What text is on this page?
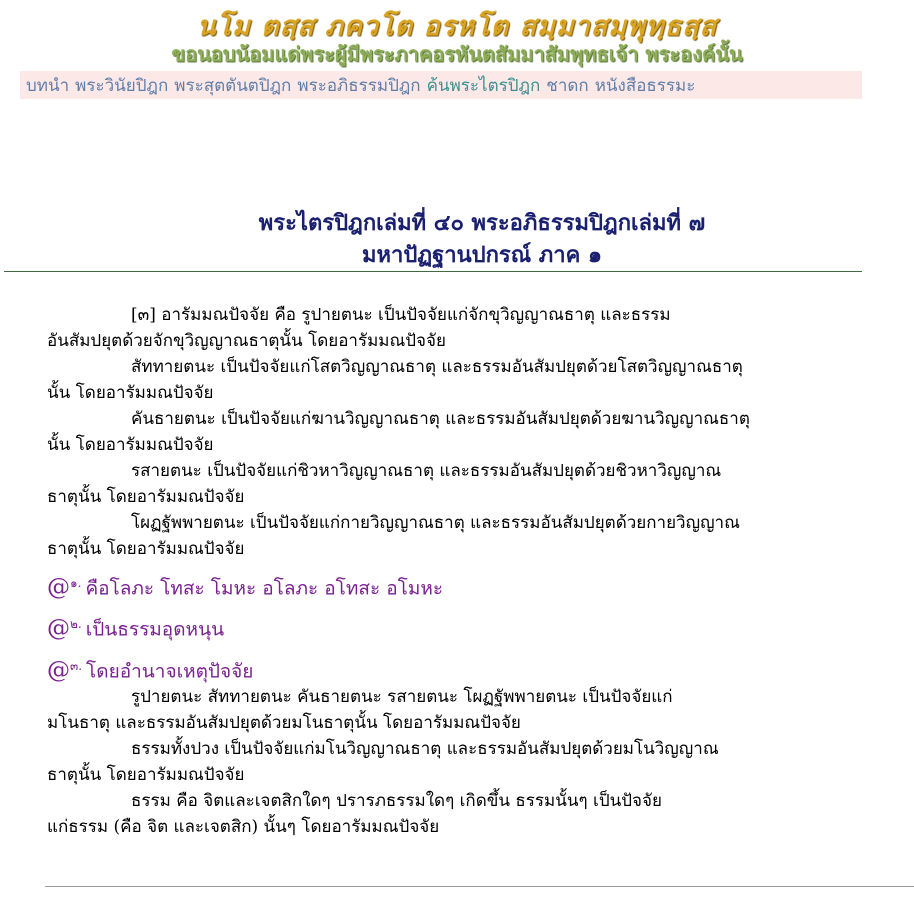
นโม ตสฺส ภควโต อรหโต สมฺมาสมฺพุทฺธสฺส
ขอนอบน้อมแด่พระผู้มีพระภาคอรหันตสัมมาสัมพุทธเจ้า พระองค์นั้น
บทนำ พระวินัยปิฎก พระสุตตันตปิฎก พระอภิธรรมปิฎก ค้นพระไตรปิฎก ชาดก หนังสือธรรมะ
พระไตรปิฎกเล่มที่ ๔๐ พระอภิธรรมปิฎกเล่มที่ ๗
มหาปัฏฐานปกรณ์ ภาค ๑

[๓] อารัมมณปัจจัย คือ รูปายตนะ เป็นปัจจัยแก่จักขุวิญญาณธาตุ และธรรม

อันสัมปยุตด้วยจักขุวิญญาณธาตุนั้น โดยอารัมมณปัจจัย

สัททายตนะ เป็นปัจจัยแก่โสตวิญญาณธาตุ และธรรมอันสัมปยุตด้วยโสตวิญญาณธาตุ

นั้น โดยอารัมมณปัจจัย

คันธายตนะ เป็นปัจจัยแก่ฆานวิญญาณธาตุ และธรรมอันสัมปยุตด้วยฆานวิญญาณธาตุ

นั้น โดยอารัมมณปัจจัย

รสายตนะ เป็นปัจจัยแก่ชิวหาวิญญาณธาตุ และธรรมอันสัมปยุตด้วยชิวหาวิญญาณ

ธาตุนั้น โดยอารัมมณปัจจัย

โผฏฐัพพายตนะ เป็นปัจจัยแก่กายวิญญาณธาตุ และธรรมอันสัมปยุตด้วยกายวิญญาณ

ธาตุนั้น โดยอารัมมณปัจจัย

@$^{๑.}$ คือโลภะ โทสะ โมหะ อโลภะ อโทสะ อโมหะ
@$^{๒.}$ เป็นธรรมอุดหนุน
@$^{๓.}$ โดยอำนาจเหตุปัจจัย

รูปายตนะ สัททายตนะ คันธายตนะ รสายตนะ โผฏฐัพพายตนะ เป็นปัจจัยแก่

มโนธาตุ และธรรมอันสัมปยุตด้วยมโนธาตุนั้น โดยอารัมมณปัจจัย

ธรรมทั้งปวง เป็นปัจจัยแก่มโนวิญญาณธาตุ และธรรมอันสัมปยุตด้วยมโนวิญญาณ

ธาตุนั้น โดยอารัมมณปัจจัย

ธรรม คือ จิตและเจตสิกใดๆ ปรารภธรรมใดๆ เกิดขึ้น ธรรมนั้นๆ เป็นปัจจัย

แก่ธรรม (คือ จิต และเจตสิก) นั้นๆ โดยอารัมมณปัจจัย
